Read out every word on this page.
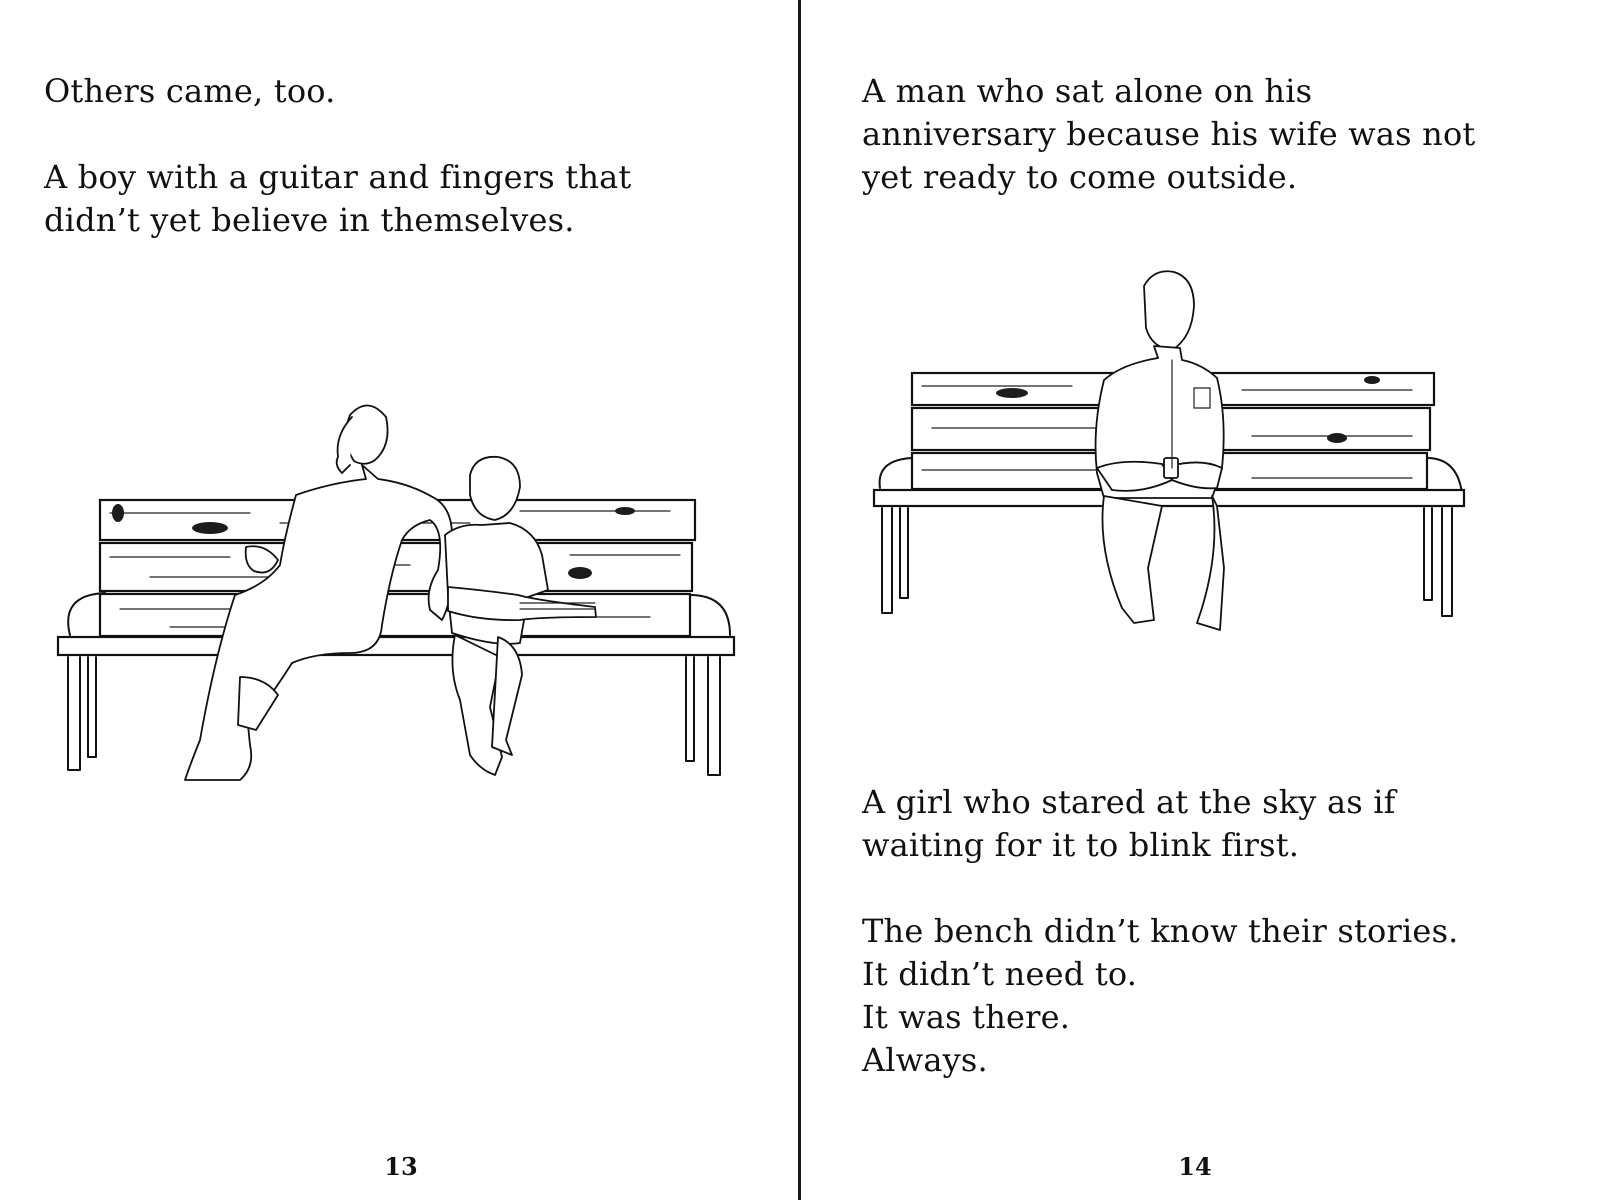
Others came, too.

A boy with a guitar and fingers that

didn’t yet believe in themselves.

13

A man who sat alone on his

anniversary because his wife was not

yet ready to come outside.

A girl who stared at the sky as if

waiting for it to blink first.

The bench didn’t know their stories.

It didn’t need to.

It was there.

Always.

14
